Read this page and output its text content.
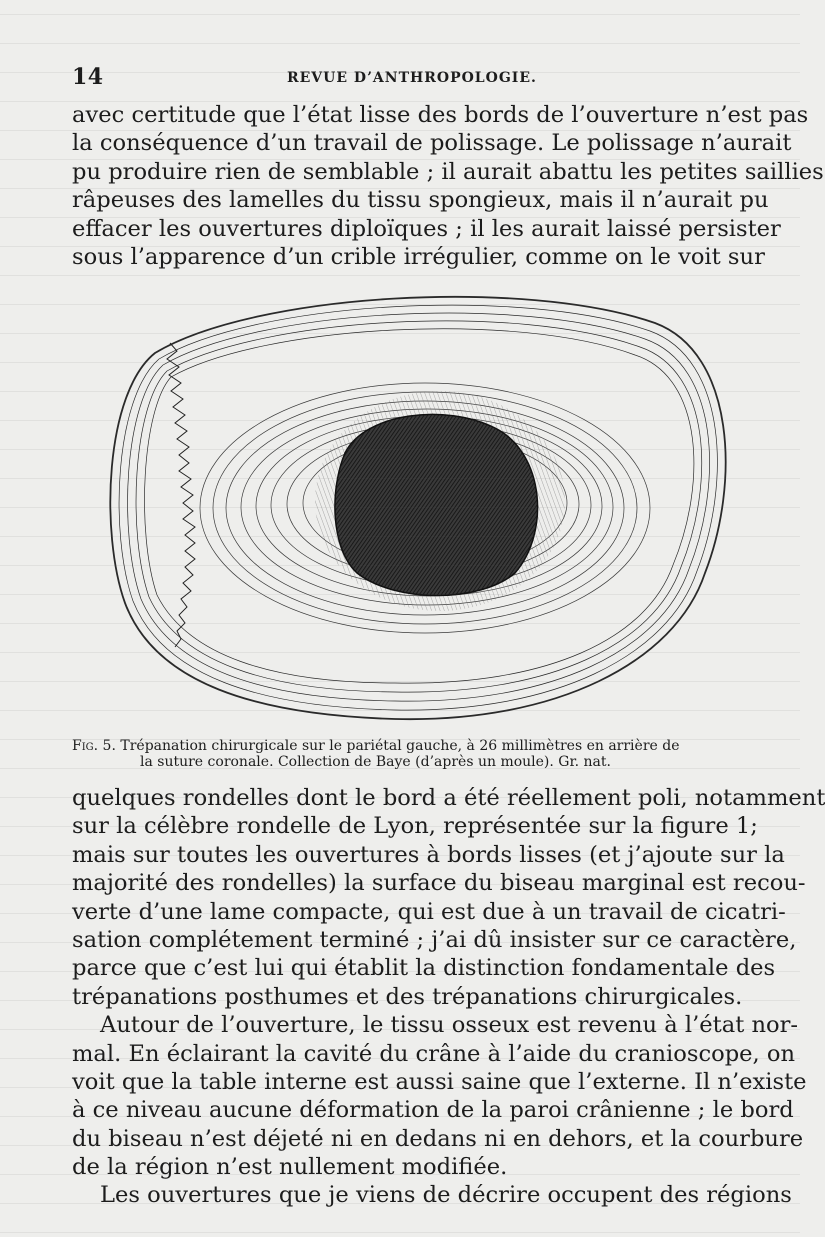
14	REVUE D’ANTHROPOLOGIE.
avec certitude que l’état lisse des bords de l’ouverture n’est pas
la conséquence d’un travail de polissage. Le polissage n’aurait
pu produire rien de semblable ; il aurait abattu les petites saillies
râpeuses des lamelles du tissu spongieux, mais il n’aurait pu
effacer les ouvertures diploïques ; il les aurait laissé persister
sous l’apparence d’un crible irrégulier, comme on le voit sur
Fig. 5. Trépanation chirurgicale sur le pariétal gauche, à 26 millimètres en arrière de
la suture coronale. Collection de Baye (d’après un moule). Gr. nat.
quelques rondelles dont le bord a été réellement poli, notamment
sur la célèbre rondelle de Lyon, représentée sur la figure 1;
mais sur toutes les ouvertures à bords lisses (et j’ajoute sur la
majorité des rondelles) la surface du biseau marginal est recou-
verte d’une lame compacte, qui est due à un travail de cicatri-
sation complétement terminé ; j’ai dû insister sur ce caractère,
parce que c’est lui qui établit la distinction fondamentale des
trépanations posthumes et des trépanations chirurgicales.
Autour de l’ouverture, le tissu osseux est revenu à l’état nor-
mal. En éclairant la cavité du crâne à l’aide du cranioscope, on
voit que la table interne est aussi saine que l’externe. Il n’existe
à ce niveau aucune déformation de la paroi crânienne ; le bord
du biseau n’est déjeté ni en dedans ni en dehors, et la courbure
de la région n’est nullement modifiée.
Les ouvertures que je viens de décrire occupent des régions
